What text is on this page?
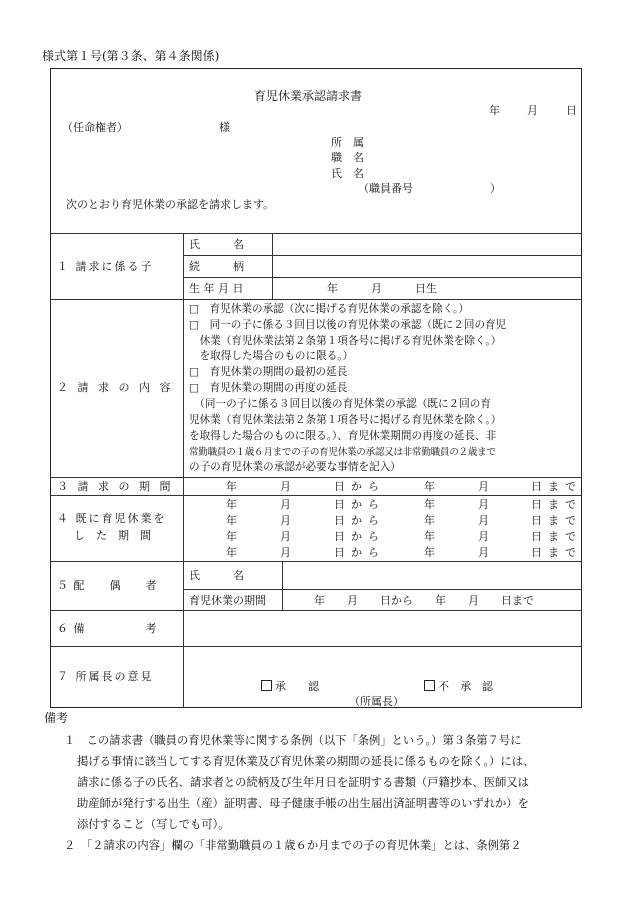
様式第１号(第３条、第４条関係)
育児休業承認請求書
年 月	日
（任命権者）	様
所　属
職　名
氏　名
（職員番号　　　　　　　）
次のとおり育児休業の承認を請求します。
１ 請求に係る子
氏　　　名
続　　　柄
生 年 月 日	年　　　月　　　日生
２ 請 求 の 内 容
□　育児休業の承認（次に掲げる育児休業の承認を除く。）
□　同一の子に係る３回目以後の育児休業の承認（既に２回の育児
　休業（育児休業法第２条第１項各号に掲げる育児休業を除く。）
　を取得した場合のものに限る。）
□　育児休業の期間の最初の延長
□　育児休業の期間の再度の延長
　（同一の子に係る３回目以後の育児休業の承認（既に２回の育
児休業（育児休業法第２条第１項各号に掲げる育児休業を除く。）
を取得した場合のものに限る。）、育児休業期間の再度の延長、非
常勤職員の１歳６月までの子の育児休業の承認又は非常勤職員の２歳まで
の子の育児休業の承認が必要な事情を記入）
３ 請 求 の 期 間	年	月	日から	年	月	日まで
４ 既に育児休業を
し　た　期　間
年	月	日から	年	月	日まで
年	月	日から	年	月	日まで
年	月	日から	年	月	日まで
年	月	日から	年	月	日まで
５ 配　　偶　　者
氏　　　名
育児休業の期間	年　　月　　日から　　年　　月　　日まで
６ 備　　　　　考
７ 所属長の意見
承　　認	不　承　認
（所属長）
備考
１　この請求書（職員の育児休業等に関する条例（以下「条例」という。）第３条第７号に
掲げる事情に該当してする育児休業及び育児休業の期間の延長に係るものを除く。）には、
請求に係る子の氏名、請求者との続柄及び生年月日を証明する書類（戸籍抄本、医師又は
助産師が発行する出生（産）証明書、母子健康手帳の出生届出済証明書等のいずれか）を
添付すること（写しでも可）。
２　「２請求の内容」欄の「非常勤職員の１歳６か月までの子の育児休業」とは、条例第２
